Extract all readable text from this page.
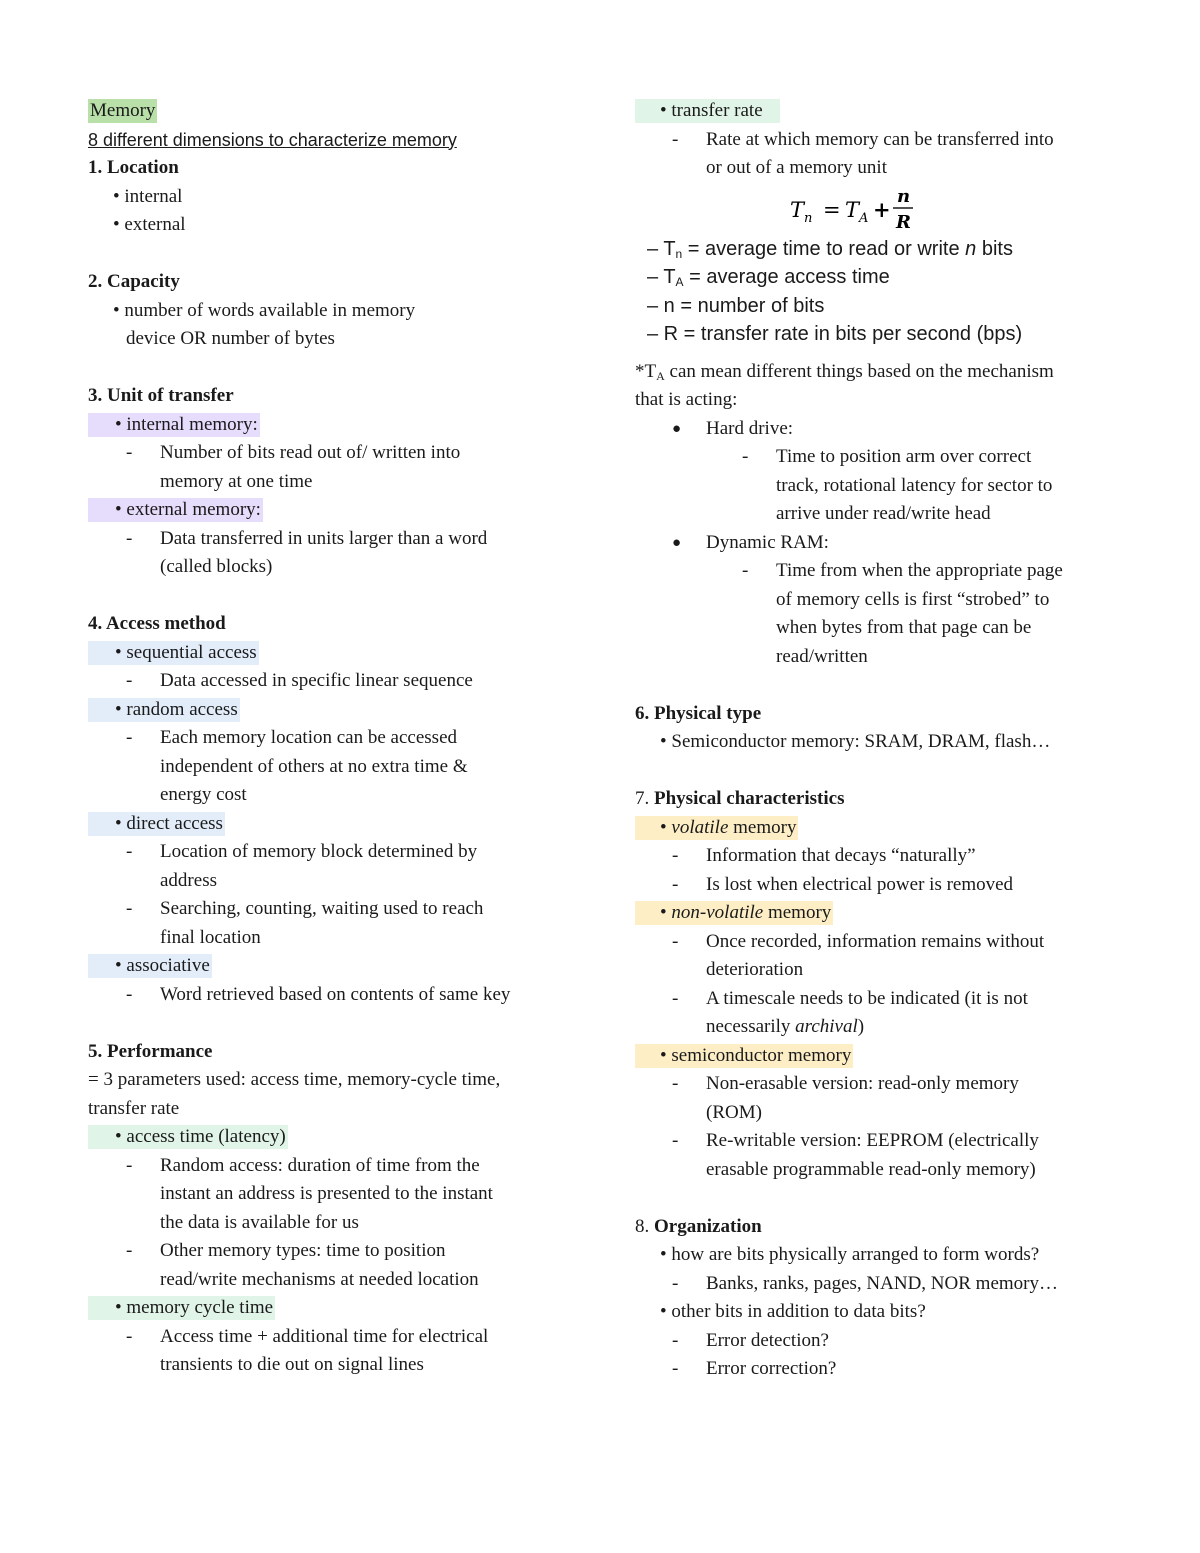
Memory
8 different dimensions to characterize memory
1. Location
• internal
• external
2. Capacity
• number of words available in memory
device OR number of bytes
3. Unit of transfer
• internal memory:
- Number of bits read out of/ written into
memory at one time
• external memory:
- Data transferred in units larger than a word
(called blocks)
4. Access method
• sequential access
- Data accessed in specific linear sequence
• random access
- Each memory location can be accessed
independent of others at no extra time &
energy cost
• direct access
- Location of memory block determined by
address
- Searching, counting, waiting used to reach
final location
• associative
- Word retrieved based on contents of same key
5. Performance
= 3 parameters used: access time, memory-cycle time,
transfer rate
• access time (latency)
- Random access: duration of time from the
instant an address is presented to the instant
the data is available for us
- Other memory types: time to position
read/write mechanisms at needed location
• memory cycle time
- Access time + additional time for electrical
transients to die out on signal lines
• transfer rate
- Rate at which memory can be transferred into
or out of a memory unit
T n = T A +
n
R
– $T_n$ = average time to read or write n bits
– $T_A$ = average access time
– n = number of bits
– R = transfer rate in bits per second (bps)
$*T_A$ can mean different things based on the mechanism
that is acting:
● Hard drive:
- Time to position arm over correct
track, rotational latency for sector to
arrive under read/write head
● Dynamic RAM:
- Time from when the appropriate page
of memory cells is first “strobed” to
when bytes from that page can be
read/written
6. Physical type
• Semiconductor memory: SRAM, DRAM, flash…
7. Physical characteristics
• volatile memory
- Information that decays “naturally”
- Is lost when electrical power is removed
• non-volatile memory
- Once recorded, information remains without
deterioration
- A timescale needs to be indicated (it is not
necessarily archival)
• semiconductor memory
- Non-erasable version: read-only memory
(ROM)
- Re-writable version: EEPROM (electrically
erasable programmable read-only memory)
8. Organization
• how are bits physically arranged to form words?
- Banks, ranks, pages, NAND, NOR memory…
• other bits in addition to data bits?
- Error detection?
- Error correction?
